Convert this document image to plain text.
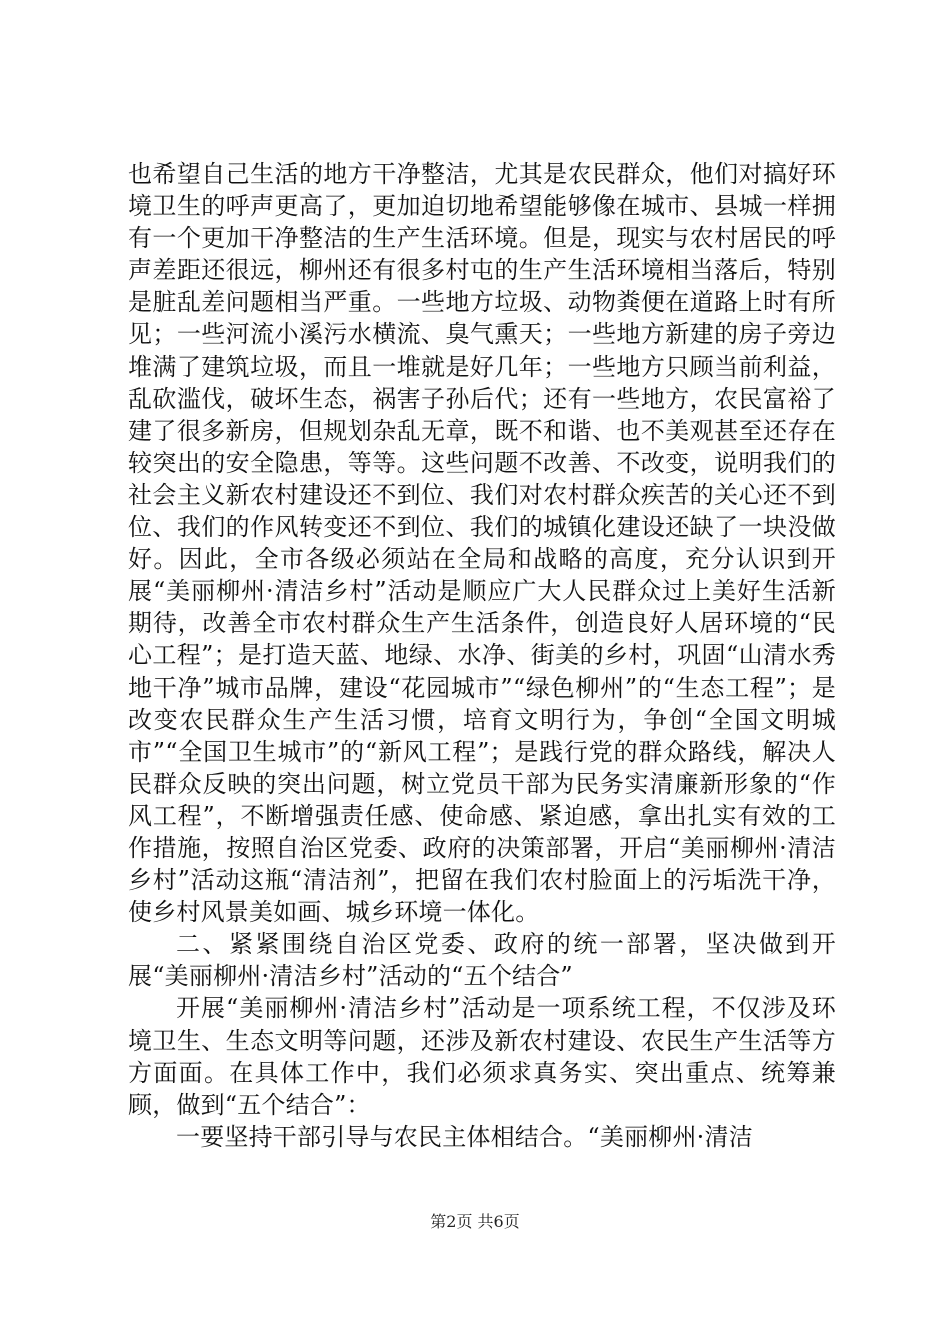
也希望自己生活的地方干净整洁，尤其是农民群众，他们对搞好环境卫生的呼声更高了，更加迫切地希望能够像在城市、县城一样拥有一个更加干净整洁的生产生活环境。但是，现实与农村居民的呼声差距还很远，柳州还有很多村屯的生产生活环境相当落后，特别是脏乱差问题相当严重。一些地方垃圾、动物粪便在道路上时有所见；一些河流小溪污水横流、臭气熏天；一些地方新建的房子旁边堆满了建筑垃圾，而且一堆就是好几年；一些地方只顾当前利益，乱砍滥伐，破坏生态，祸害子孙后代；还有一些地方，农民富裕了建了很多新房，但规划杂乱无章，既不和谐、也不美观甚至还存在较突出的安全隐患，等等。这些问题不改善、不改变，说明我们的社会主义新农村建设还不到位、我们对农村群众疾苦的关心还不到位、我们的作风转变还不到位、我们的城镇化建设还缺了一块没做好。因此，全市各级必须站在全局和战略的高度，充分认识到开展“美丽柳州·清洁乡村”活动是顺应广大人民群众过上美好生活新期待，改善全市农村群众生产生活条件，创造良好人居环境的“民心工程”；是打造天蓝、地绿、水净、街美的乡村，巩固“山清水秀地干净”城市品牌，建设“花园城市”“绿色柳州”的“生态工程”；是改变农民群众生产生活习惯，培育文明行为，争创“全国文明城市”“全国卫生城市”的“新风工程”；是践行党的群众路线，解决人民群众反映的突出问题，树立党员干部为民务实清廉新形象的“作风工程”，不断增强责任感、使命感、紧迫感，拿出扎实有效的工作措施，按照自治区党委、政府的决策部署，开启“美丽柳州·清洁乡村”活动这瓶“清洁剂”，把留在我们农村脸面上的污垢洗干净，使乡村风景美如画、城乡环境一体化。

二、紧紧围绕自治区党委、政府的统一部署，坚决做到开展“美丽柳州·清洁乡村”活动的“五个结合”

开展“美丽柳州·清洁乡村”活动是一项系统工程，不仅涉及环境卫生、生态文明等问题，还涉及新农村建设、农民生产生活等方方面面。在具体工作中，我们必须求真务实、突出重点、统筹兼顾，做到“五个结合”：

一要坚持干部引导与农民主体相结合。“美丽柳州·清洁

第2页 共6页
